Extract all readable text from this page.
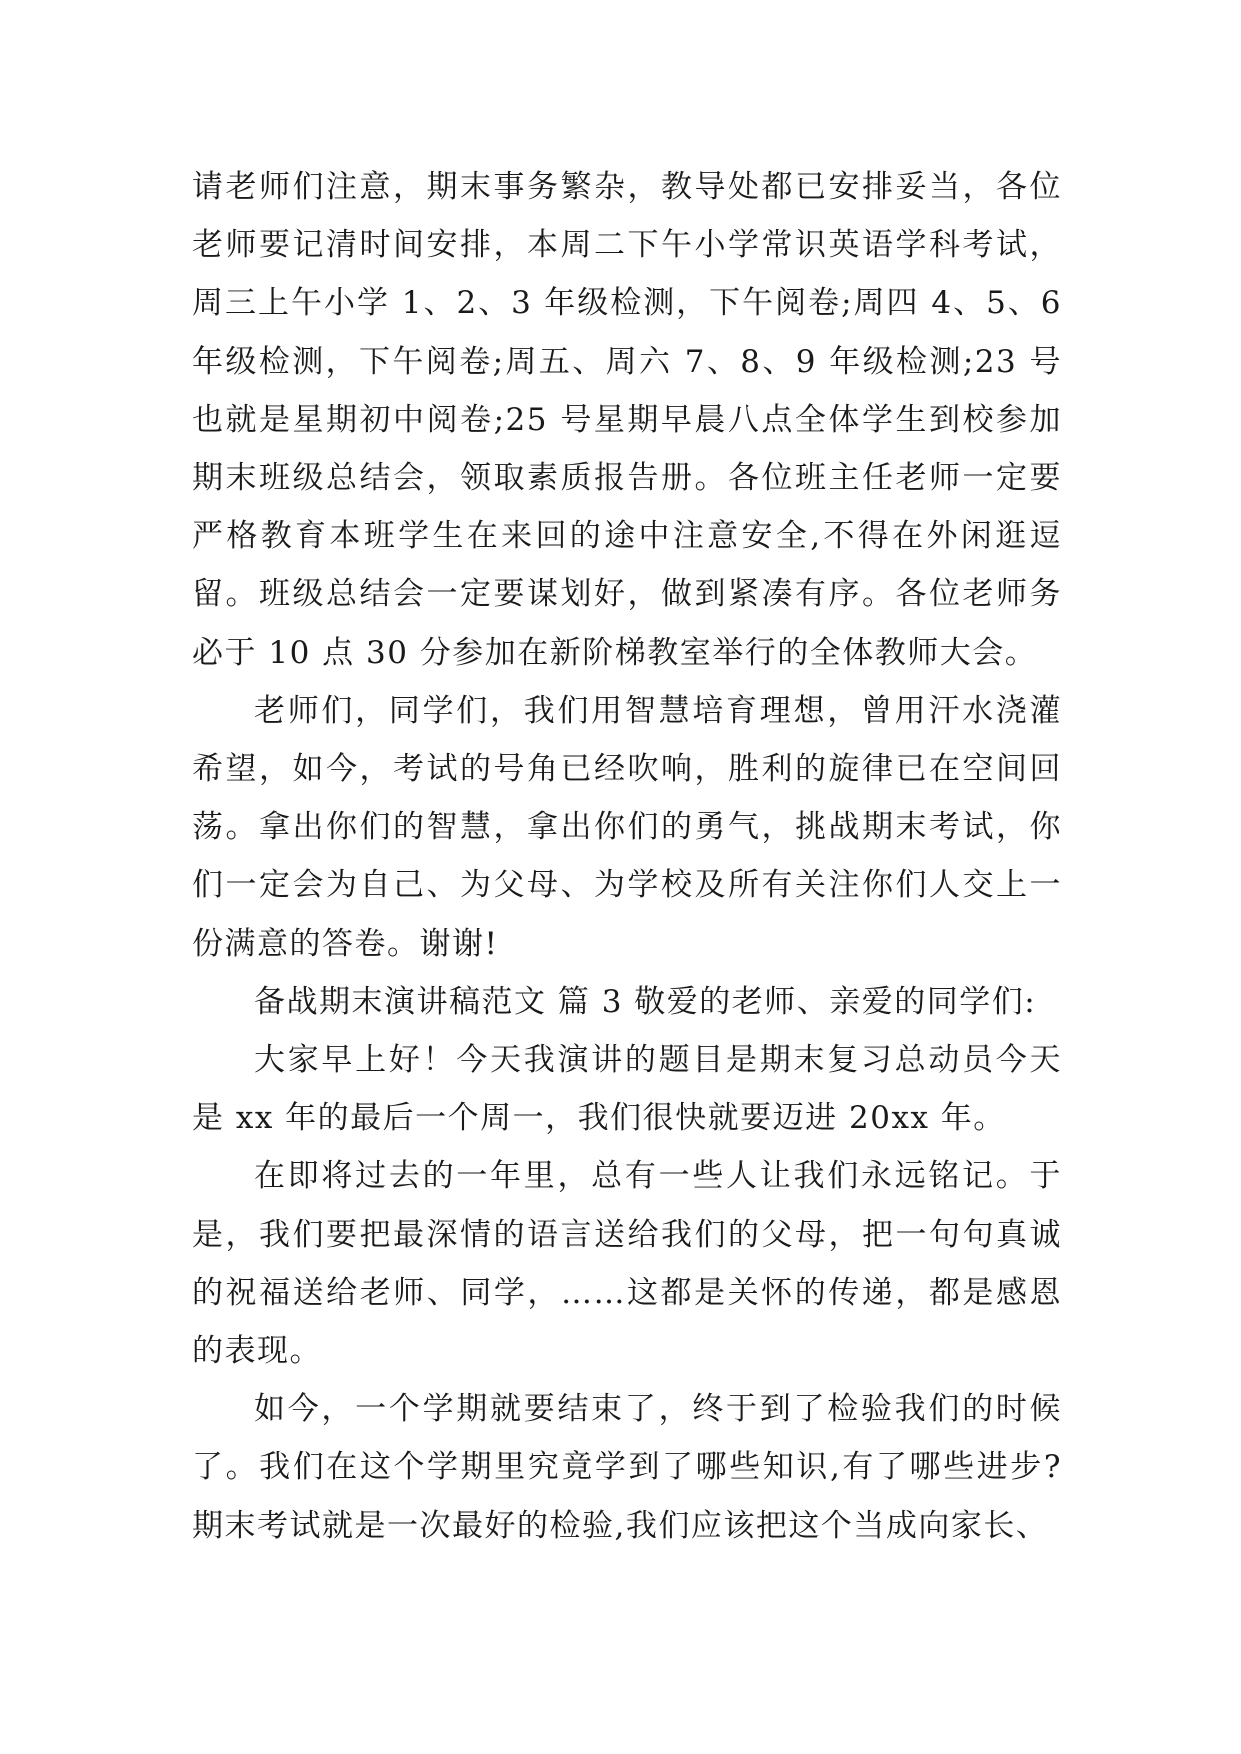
请老师们注意，期末事务繁杂，教导处都已安排妥当，各位老师要记清时间安排，本周二下午小学常识英语学科考试，周三上午小学 1、2、3 年级检测，下午阅卷;周四 4、5、6 年级检测，下午阅卷;周五、周六 7、8、9 年级检测;23 号也就是星期初中阅卷;25 号星期早晨八点全体学生到校参加期末班级总结会，领取素质报告册。各位班主任老师一定要严格教育本班学生在来回的途中注意安全,不得在外闲逛逗留。班级总结会一定要谋划好，做到紧凑有序。各位老师务必于 10 点 30 分参加在新阶梯教室举行的全体教师大会。

老师们，同学们，我们用智慧培育理想，曾用汗水浇灌希望，如今，考试的号角已经吹响，胜利的旋律已在空间回荡。拿出你们的智慧，拿出你们的勇气，挑战期末考试，你们一定会为自己、为父母、为学校及所有关注你们人交上一份满意的答卷。谢谢!

备战期末演讲稿范文 篇 3 敬爱的老师、亲爱的同学们:

大家早上好！今天我演讲的题目是期末复习总动员今天是 xx 年的最后一个周一，我们很快就要迈进 20xx 年。

在即将过去的一年里，总有一些人让我们永远铭记。于是，我们要把最深情的语言送给我们的父母，把一句句真诚的祝福送给老师、同学，……这都是关怀的传递，都是感恩的表现。

如今，一个学期就要结束了，终于到了检验我们的时候了。我们在这个学期里究竟学到了哪些知识,有了哪些进步?期末考试就是一次最好的检验,我们应该把这个当成向家长、
